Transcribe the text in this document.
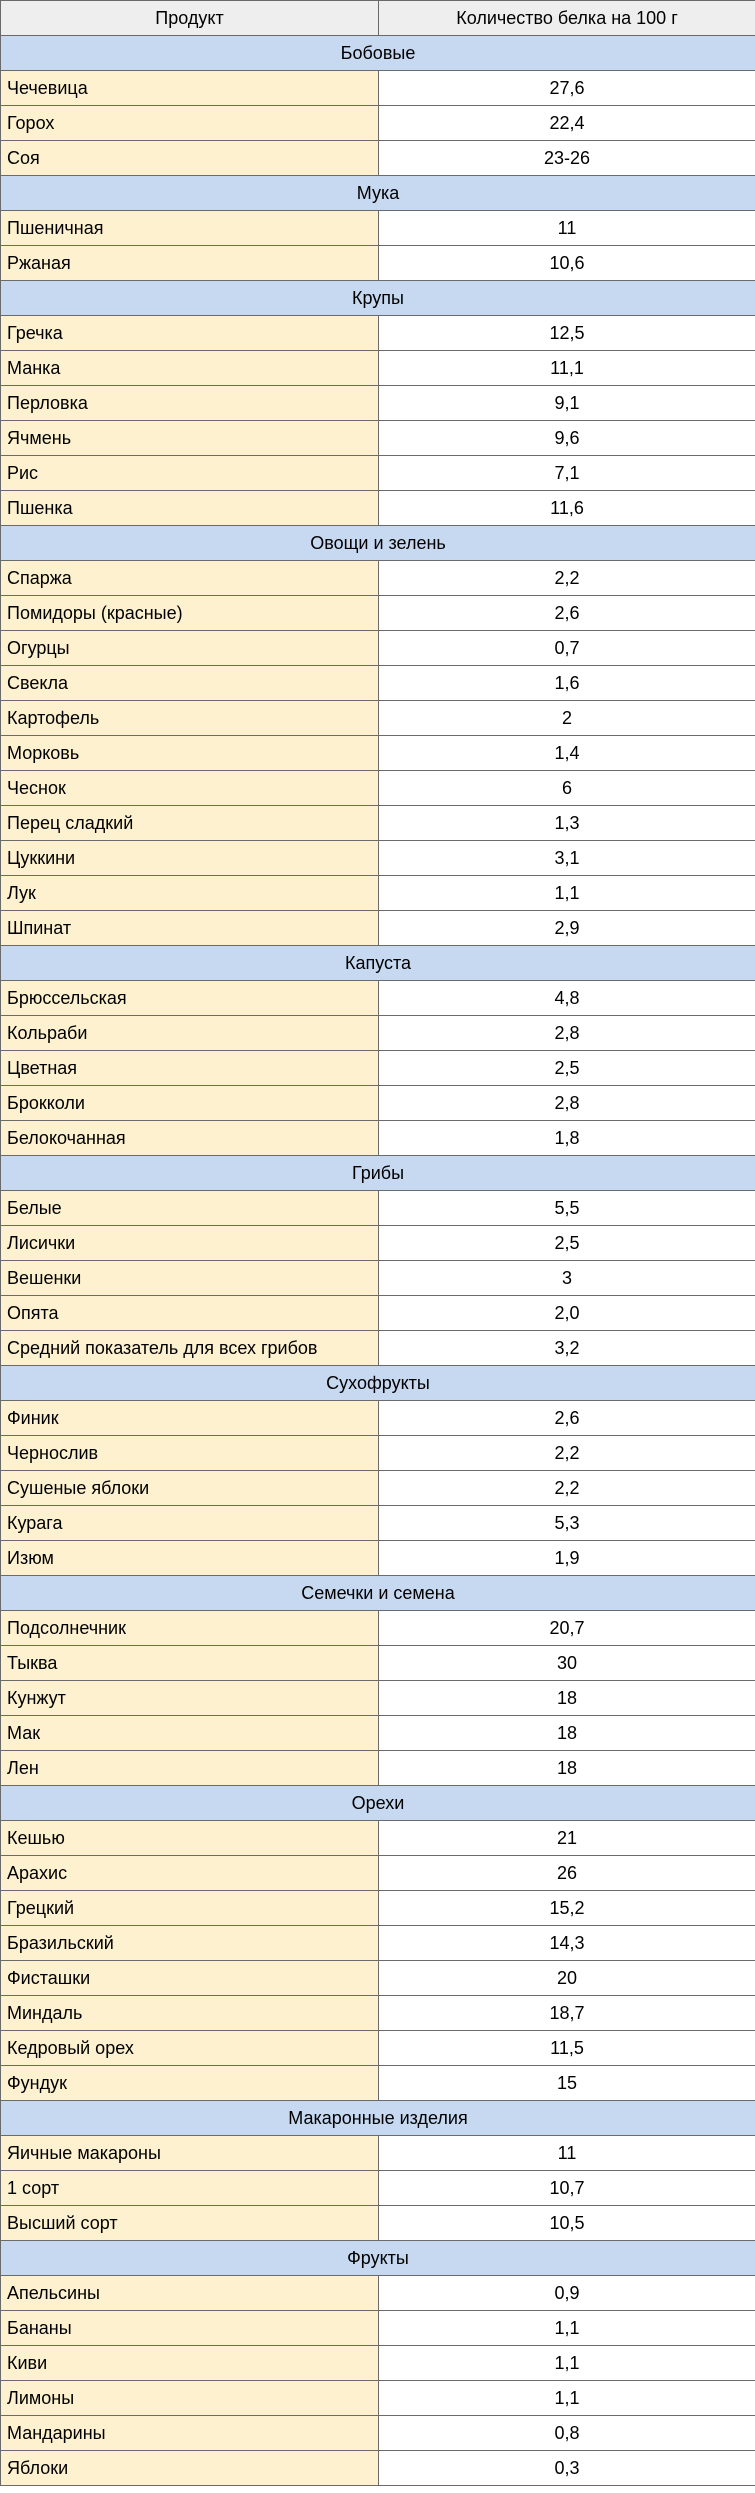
Продукт	Количество белка на 100 г
Бобовые	
Чечевица	27,6
Горох	22,4
Соя	23-26
Мука	
Пшеничная	11
Ржаная	10,6
Крупы	
Гречка	12,5
Манка	11,1
Перловка	9,1
Ячмень	9,6
Рис	7,1
Пшенка	11,6
Овощи и зелень	
Спаржа	2,2
Помидоры (красные)	2,6
Огурцы	0,7
Свекла	1,6
Картофель	2
Морковь	1,4
Чеснок	6
Перец сладкий	1,3
Цуккини	3,1
Лук	1,1
Шпинат	2,9
Капуста	
Брюссельская	4,8
Кольраби	2,8
Цветная	2,5
Брокколи	2,8
Белокочанная	1,8
Грибы	
Белые	5,5
Лисички	2,5
Вешенки	3
Опята	2,0
Средний показатель для всех грибов	3,2
Сухофрукты	
Финик	2,6
Чернослив	2,2
Сушеные яблоки	2,2
Курага	5,3
Изюм	1,9
Семечки и семена	
Подсолнечник	20,7
Тыква	30
Кунжут	18
Мак	18
Лен	18
Орехи	
Кешью	21
Арахис	26
Грецкий	15,2
Бразильский	14,3
Фисташки	20
Миндаль	18,7
Кедровый орех	11,5
Фундук	15
Макаронные изделия	
Яичные макароны	11
1 сорт	10,7
Высший сорт	10,5
Фрукты	
Апельсины	0,9
Бананы	1,1
Киви	1,1
Лимоны	1,1
Мандарины	0,8
Яблоки	0,3
